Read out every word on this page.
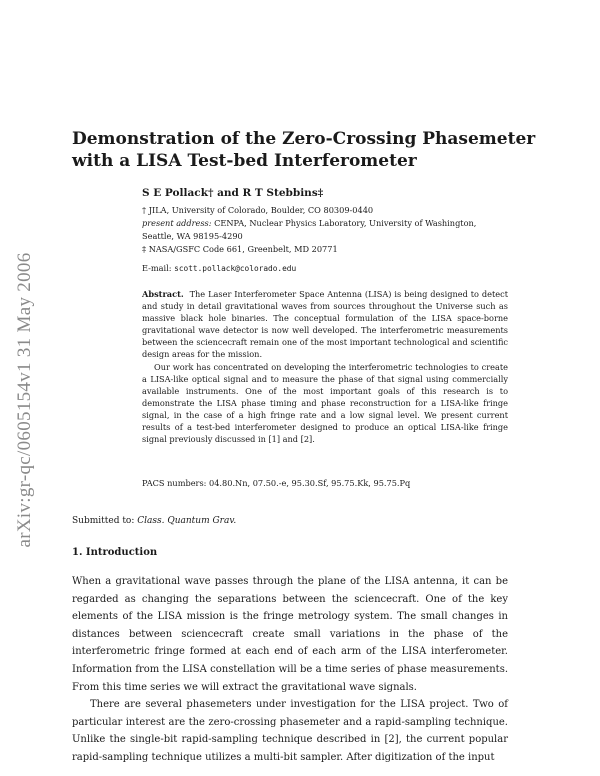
arXiv:gr-qc/0605154v1 31 May 2006
Demonstration of the Zero-Crossing Phasemeter
with a LISA Test-bed Interferometer
S E Pollack† and R T Stebbins‡
† JILA, University of Colorado, Boulder, CO 80309-0440
present address: CENPA, Nuclear Physics Laboratory, University of Washington,
Seattle, WA 98195-4290
‡ NASA/GSFC Code 661, Greenbelt, MD 20771
E-mail: scott.pollack@colorado.edu

Abstract. The Laser Interferometer Space Antenna (LISA) is being designed to detect and study in detail gravitational waves from sources throughout the Universe such as massive black hole binaries. The conceptual formulation of the LISA space-borne gravitational wave detector is now well developed. The interferometric measurements between the sciencecraft remain one of the most important technological and scientific design areas for the mission.

Our work has concentrated on developing the interferometric technologies to create a LISA-like optical signal and to measure the phase of that signal using commercially available instruments. One of the most important goals of this research is to demonstrate the LISA phase timing and phase reconstruction for a LISA-like fringe signal, in the case of a high fringe rate and a low signal level. We present current results of a test-bed interferometer designed to produce an optical LISA-like fringe signal previously discussed in [1] and [2].

PACS numbers: 04.80.Nn, 07.50.-e, 95.30.Sf, 95.75.Kk, 95.75.Pq
Submitted to: Class. Quantum Grav.
1. Introduction

When a gravitational wave passes through the plane of the LISA antenna, it can be regarded as changing the separations between the sciencecraft. One of the key elements of the LISA mission is the fringe metrology system. The small changes in distances between sciencecraft create small variations in the phase of the interferometric fringe formed at each end of each arm of the LISA interferometer. Information from the LISA constellation will be a time series of phase measurements. From this time series we will extract the gravitational wave signals.

There are several phasemeters under investigation for the LISA project. Two of particular interest are the zero-crossing phasemeter and a rapid-sampling technique. Unlike the single-bit rapid-sampling technique described in [2], the current popular rapid-sampling technique utilizes a multi-bit sampler. After digitization of the input
